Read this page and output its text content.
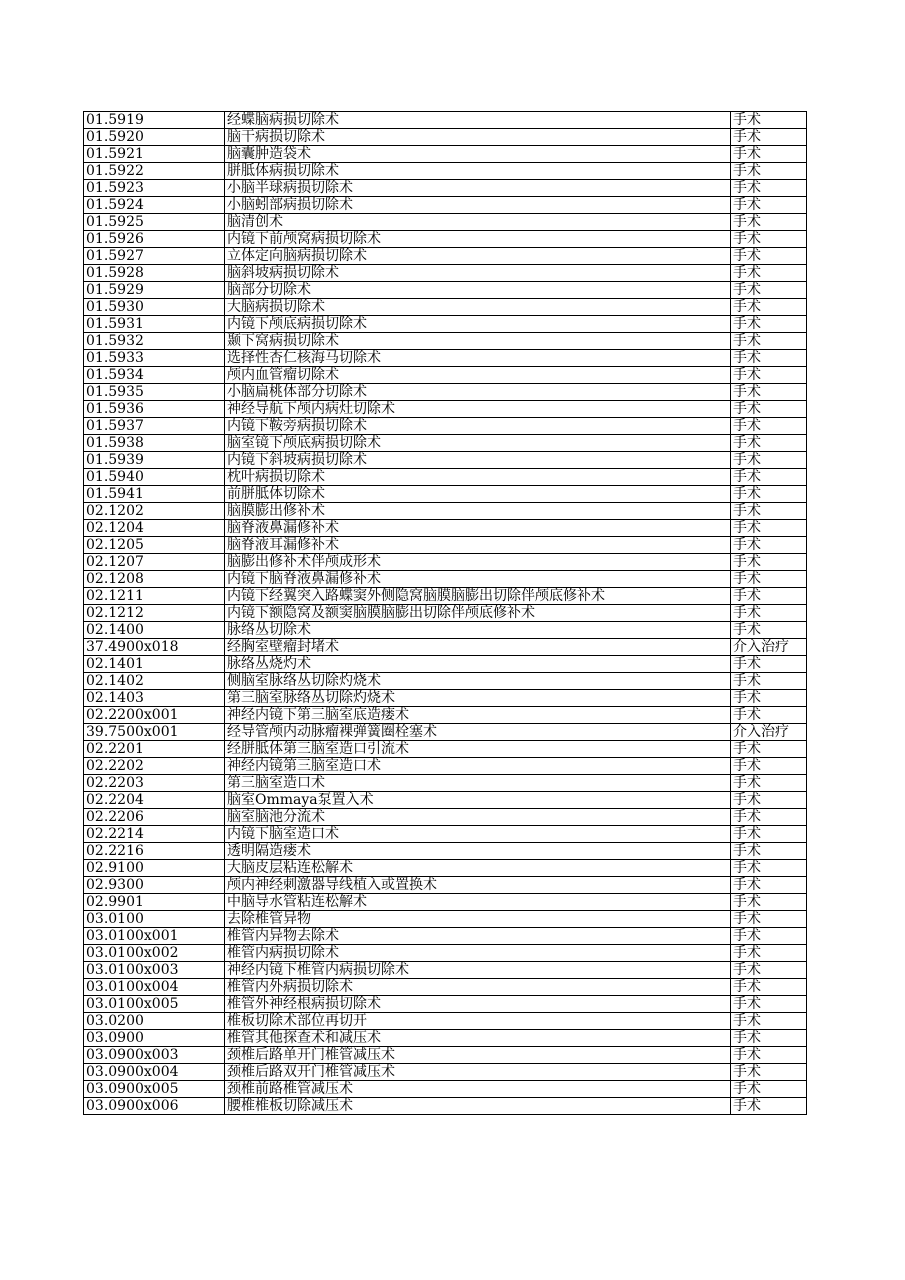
01.5919	经蝶脑病损切除术	手术
01.5920	脑干病损切除术	手术
01.5921	脑囊肿造袋术	手术
01.5922	胼胝体病损切除术	手术
01.5923	小脑半球病损切除术	手术
01.5924	小脑蚓部病损切除术	手术
01.5925	脑清创术	手术
01.5926	内镜下前颅窝病损切除术	手术
01.5927	立体定向脑病损切除术	手术
01.5928	脑斜坡病损切除术	手术
01.5929	脑部分切除术	手术
01.5930	大脑病损切除术	手术
01.5931	内镜下颅底病损切除术	手术
01.5932	颞下窝病损切除术	手术
01.5933	选择性杏仁核海马切除术	手术
01.5934	颅内血管瘤切除术	手术
01.5935	小脑扁桃体部分切除术	手术
01.5936	神经导航下颅内病灶切除术	手术
01.5937	内镜下鞍旁病损切除术	手术
01.5938	脑室镜下颅底病损切除术	手术
01.5939	内镜下斜坡病损切除术	手术
01.5940	枕叶病损切除术	手术
01.5941	前胼胝体切除术	手术
02.1202	脑膜膨出修补术	手术
02.1204	脑脊液鼻漏修补术	手术
02.1205	脑脊液耳漏修补术	手术
02.1207	脑膨出修补术伴颅成形术	手术
02.1208	内镜下脑脊液鼻漏修补术	手术
02.1211	内镜下经翼突入路蝶窦外侧隐窝脑膜脑膨出切除伴颅底修补术	手术
02.1212	内镜下额隐窝及额窦脑膜脑膨出切除伴颅底修补术	手术
02.1400	脉络丛切除术	手术
37.4900x018	经胸室壁瘤封堵术	介入治疗
02.1401	脉络丛烧灼术	手术
02.1402	侧脑室脉络丛切除灼烧术	手术
02.1403	第三脑室脉络丛切除灼烧术	手术
02.2200x001	神经内镜下第三脑室底造瘘术	手术
39.7500x001	经导管颅内动脉瘤裸弹簧圈栓塞术	介入治疗
02.2201	经胼胝体第三脑室造口引流术	手术
02.2202	神经内镜第三脑室造口术	手术
02.2203	第三脑室造口术	手术
02.2204	脑室Ommaya泵置入术	手术
02.2206	脑室脑池分流术	手术
02.2214	内镜下脑室造口术	手术
02.2216	透明隔造瘘术	手术
02.9100	大脑皮层粘连松解术	手术
02.9300	颅内神经刺激器导线植入或置换术	手术
02.9901	中脑导水管粘连松解术	手术
03.0100	去除椎管异物	手术
03.0100x001	椎管内异物去除术	手术
03.0100x002	椎管内病损切除术	手术
03.0100x003	神经内镜下椎管内病损切除术	手术
03.0100x004	椎管内外病损切除术	手术
03.0100x005	椎管外神经根病损切除术	手术
03.0200	椎板切除术部位再切开	手术
03.0900	椎管其他探查术和减压术	手术
03.0900x003	颈椎后路单开门椎管减压术	手术
03.0900x004	颈椎后路双开门椎管减压术	手术
03.0900x005	颈椎前路椎管减压术	手术
03.0900x006	腰椎椎板切除减压术	手术
